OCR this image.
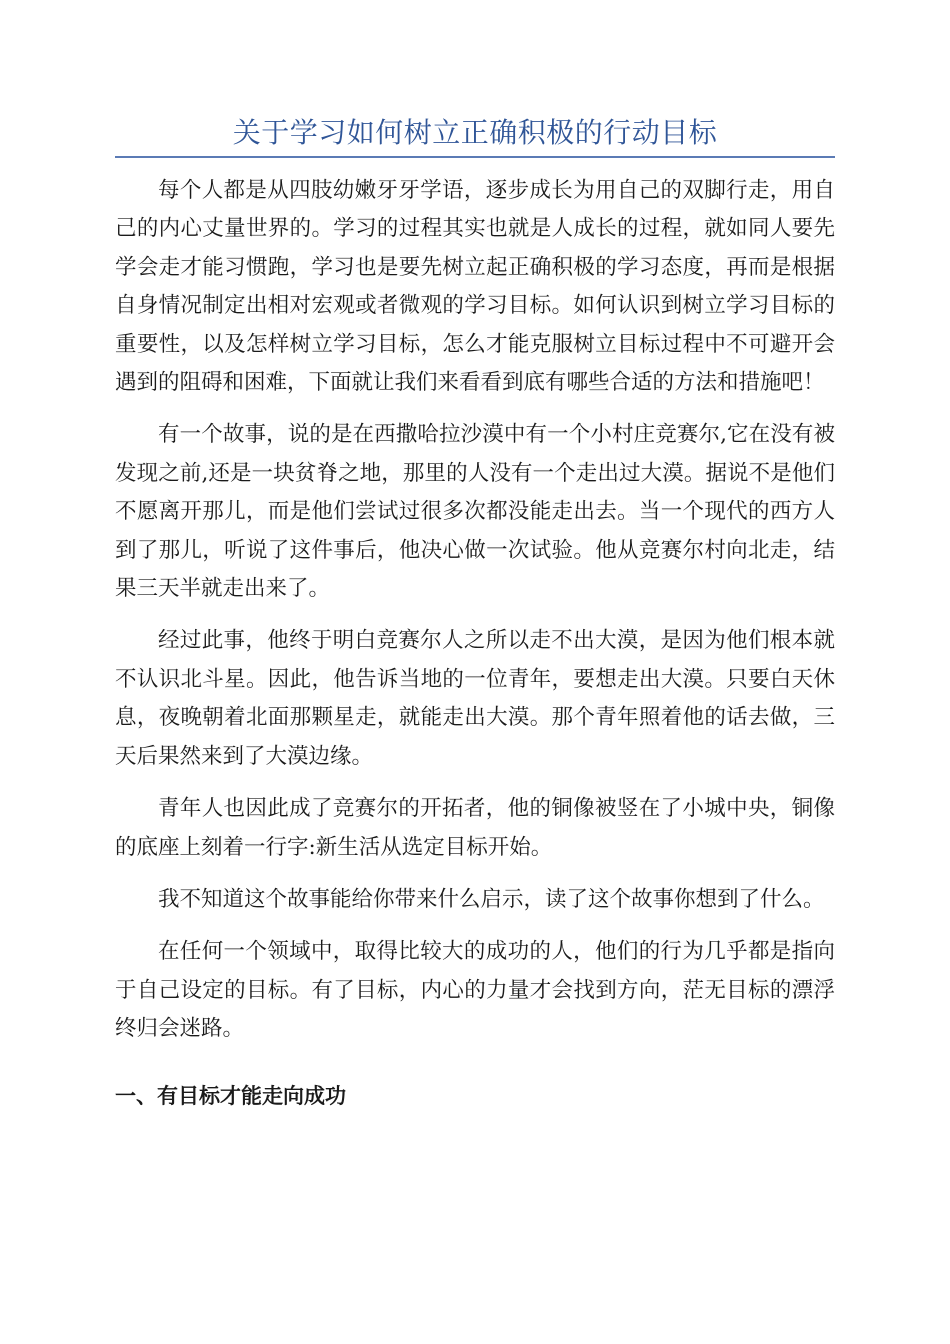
关于学习如何树立正确积极的行动目标

每个人都是从四肢幼嫩牙牙学语，逐步成长为用自己的双脚行走，用自己的内心丈量世界的。学习的过程其实也就是人成长的过程，就如同人要先学会走才能习惯跑，学习也是要先树立起正确积极的学习态度，再而是根据自身情况制定出相对宏观或者微观的学习目标。如何认识到树立学习目标的重要性，以及怎样树立学习目标，怎么才能克服树立目标过程中不可避开会遇到的阻碍和困难，下面就让我们来看看到底有哪些合适的方法和措施吧！

有一个故事，说的是在西撒哈拉沙漠中有一个小村庄竞赛尔,它在没有被发现之前,还是一块贫脊之地，那里的人没有一个走出过大漠。据说不是他们不愿离开那儿，而是他们尝试过很多次都没能走出去。当一个现代的西方人到了那儿，听说了这件事后，他决心做一次试验。他从竞赛尔村向北走，结果三天半就走出来了。

经过此事，他终于明白竞赛尔人之所以走不出大漠，是因为他们根本就不认识北斗星。因此，他告诉当地的一位青年，要想走出大漠。只要白天休息，夜晚朝着北面那颗星走，就能走出大漠。那个青年照着他的话去做，三天后果然来到了大漠边缘。

青年人也因此成了竞赛尔的开拓者，他的铜像被竖在了小城中央，铜像的底座上刻着一行字:新生活从选定目标开始。

我不知道这个故事能给你带来什么启示，读了这个故事你想到了什么。

在任何一个领域中，取得比较大的成功的人，他们的行为几乎都是指向于自己设定的目标。有了目标，内心的力量才会找到方向，茫无目标的漂浮终归会迷路。

一、有目标才能走向成功
